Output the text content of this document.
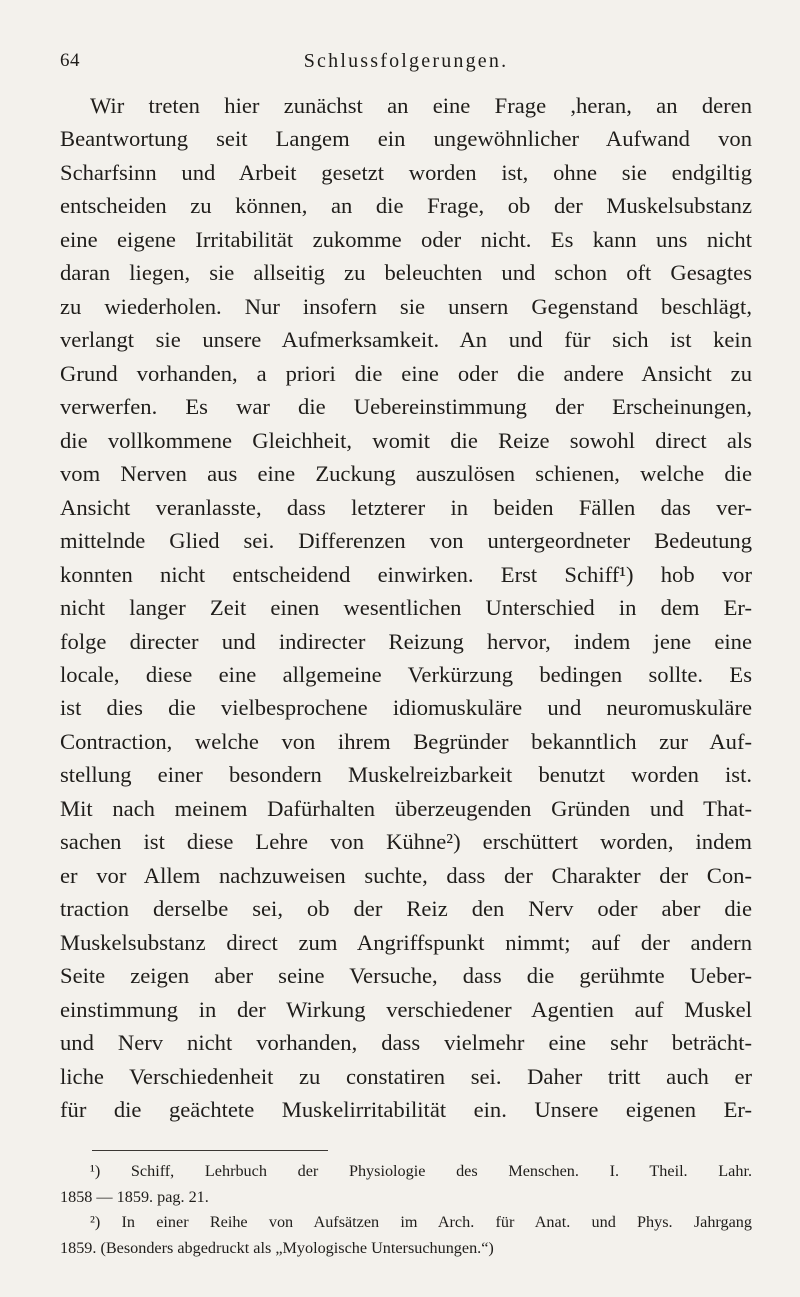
64	Schlussfolgerungen.
Wir treten hier zunächst an eine Frage ,heran, an deren
Beantwortung seit Langem ein ungewöhnlicher Aufwand von
Scharfsinn und Arbeit gesetzt worden ist, ohne sie endgiltig
entscheiden zu können, an die Frage, ob der Muskelsubstanz
eine eigene Irritabilität zukomme oder nicht. Es kann uns nicht
daran liegen, sie allseitig zu beleuchten und schon oft Gesagtes
zu wiederholen. Nur insofern sie unsern Gegenstand beschlägt,
verlangt sie unsere Aufmerksamkeit. An und für sich ist kein
Grund vorhanden, a priori die eine oder die andere Ansicht zu
verwerfen. Es war die Uebereinstimmung der Erscheinungen,
die vollkommene Gleichheit, womit die Reize sowohl direct als
vom Nerven aus eine Zuckung auszulösen schienen, welche die
Ansicht veranlasste, dass letzterer in beiden Fällen das ver-
mittelnde Glied sei. Differenzen von untergeordneter Bedeutung
konnten nicht entscheidend einwirken. Erst Schiff¹) hob vor
nicht langer Zeit einen wesentlichen Unterschied in dem Er-
folge directer und indirecter Reizung hervor, indem jene eine
locale, diese eine allgemeine Verkürzung bedingen sollte. Es
ist dies die vielbesprochene idiomuskuläre und neuromuskuläre
Contraction, welche von ihrem Begründer bekanntlich zur Auf-
stellung einer besondern Muskelreizbarkeit benutzt worden ist.
Mit nach meinem Dafürhalten überzeugenden Gründen und That-
sachen ist diese Lehre von Kühne²) erschüttert worden, indem
er vor Allem nachzuweisen suchte, dass der Charakter der Con-
traction derselbe sei, ob der Reiz den Nerv oder aber die
Muskelsubstanz direct zum Angriffspunkt nimmt; auf der andern
Seite zeigen aber seine Versuche, dass die gerühmte Ueber-
einstimmung in der Wirkung verschiedener Agentien auf Muskel
und Nerv nicht vorhanden, dass vielmehr eine sehr beträcht-
liche Verschiedenheit zu constatiren sei. Daher tritt auch er
für die geächtete Muskelirritabilität ein. Unsere eigenen Er-
¹) Schiff, Lehrbuch der Physiologie des Menschen. I. Theil. Lahr.
1858 — 1859. pag. 21.
²) In einer Reihe von Aufsätzen im Arch. für Anat. und Phys. Jahrgang
1859. (Besonders abgedruckt als „Myologische Untersuchungen.“)
